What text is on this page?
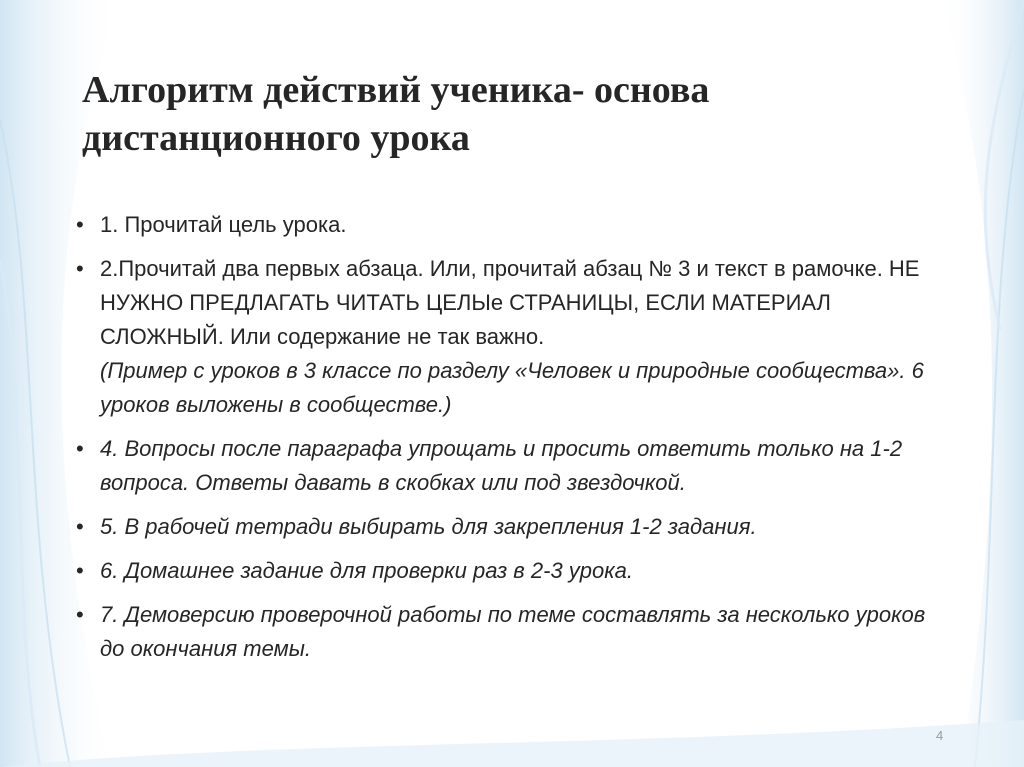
Алгоритм действий ученика- основа
дистанционного урока
• 1. Прочитай цель урока.
• 2.Прочитай два первых абзаца. Или, прочитай абзац № 3 и текст в рамочке. НЕ НУЖНО ПРЕДЛАГАТЬ ЧИТАТЬ ЦЕЛЫe СТРАНИЦЫ, ЕСЛИ МАТЕРИАЛ СЛОЖНЫЙ. Или содержание не так важно.
(Пример с уроков в 3 классе по разделу «Человек и природные сообщества». 6 уроков выложены в сообществе.)
• 4. Вопросы после параграфа упрощать и просить ответить только на 1-2 вопроса. Ответы давать в скобках или под звездочкой.
• 5. В рабочей тетради выбирать для закрепления 1-2 задания.
• 6. Домашнее задание для проверки раз в 2-3 урока.
• 7. Демоверсию проверочной работы по теме составлять за несколько уроков до окончания темы.
4
